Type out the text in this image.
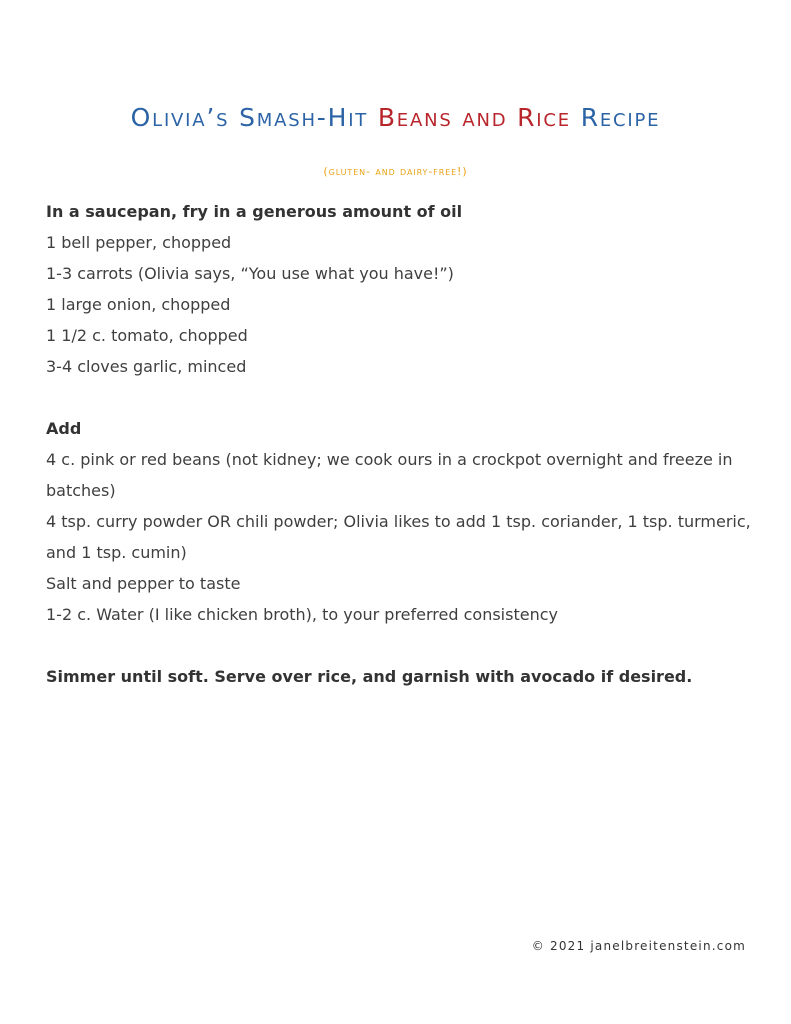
Olivia’s Smash-Hit Beans and Rice Recipe
(gluten- and dairy-free!)

In a saucepan, fry in a generous amount of oil

1 bell pepper, chopped

1-3 carrots (Olivia says, “You use what you have!”)

1 large onion, chopped

1 1/2 c. tomato, chopped

3-4 cloves garlic, minced

Add

4 c. pink or red beans (not kidney; we cook ours in a crockpot overnight and freeze in batches)

4 tsp. curry powder OR chili powder; Olivia likes to add 1 tsp. coriander, 1 tsp. turmeric, and 1 tsp. cumin)

Salt and pepper to taste

1-2 c. Water (I like chicken broth), to your preferred consistency

Simmer until soft. Serve over rice, and garnish with avocado if desired.

© 2021 janelbreitenstein.com
